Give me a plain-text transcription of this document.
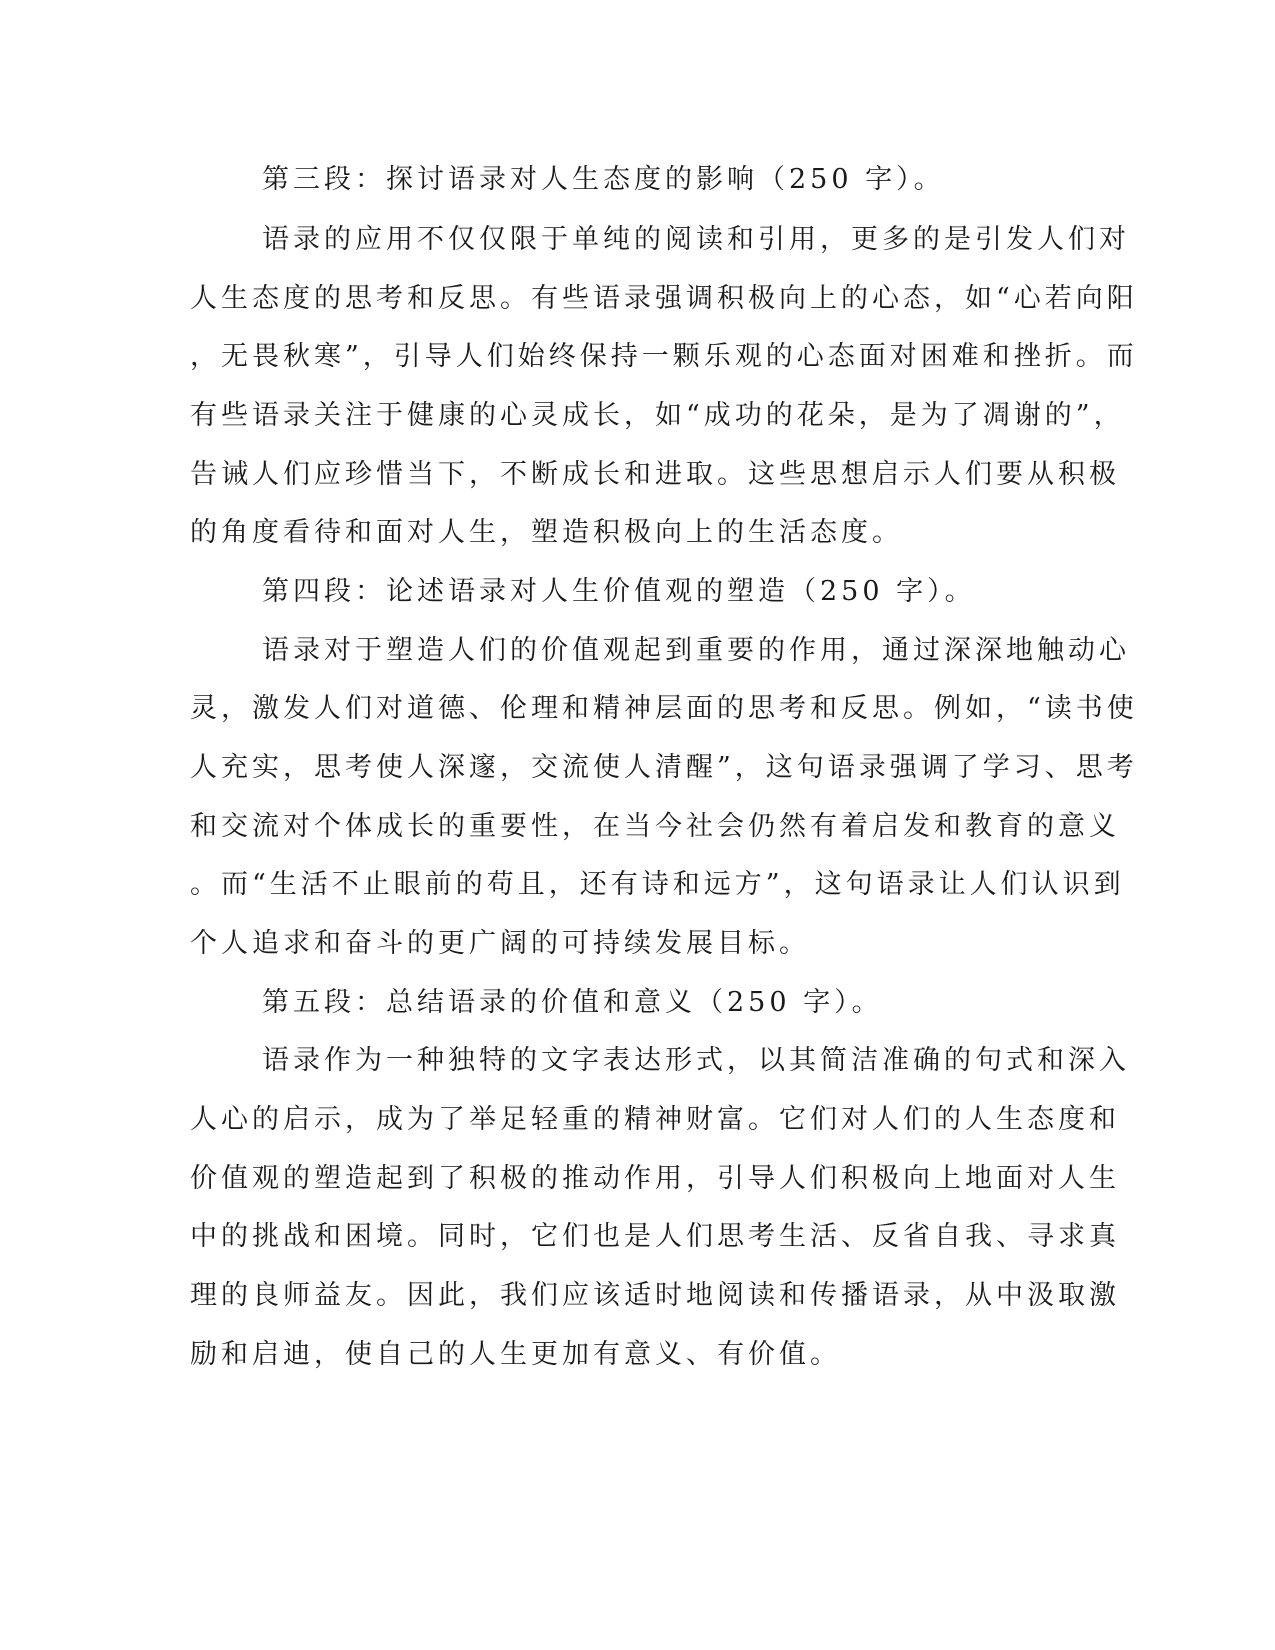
第三段：探讨语录对人生态度的影响（250 字）。
语录的应用不仅仅限于单纯的阅读和引用，更多的是引发人们对
人生态度的思考和反思。有些语录强调积极向上的心态，如“心若向阳
，无畏秋寒”，引导人们始终保持一颗乐观的心态面对困难和挫折。而
有些语录关注于健康的心灵成长，如“成功的花朵，是为了凋谢的”，
告诫人们应珍惜当下，不断成长和进取。这些思想启示人们要从积极
的角度看待和面对人生，塑造积极向上的生活态度。
第四段：论述语录对人生价值观的塑造（250 字）。
语录对于塑造人们的价值观起到重要的作用，通过深深地触动心
灵，激发人们对道德、伦理和精神层面的思考和反思。例如，“读书使
人充实，思考使人深邃，交流使人清醒”，这句语录强调了学习、思考
和交流对个体成长的重要性，在当今社会仍然有着启发和教育的意义
。而“生活不止眼前的苟且，还有诗和远方”，这句语录让人们认识到
个人追求和奋斗的更广阔的可持续发展目标。
第五段：总结语录的价值和意义（250 字）。
语录作为一种独特的文字表达形式，以其简洁准确的句式和深入
人心的启示，成为了举足轻重的精神财富。它们对人们的人生态度和
价值观的塑造起到了积极的推动作用，引导人们积极向上地面对人生
中的挑战和困境。同时，它们也是人们思考生活、反省自我、寻求真
理的良师益友。因此，我们应该适时地阅读和传播语录，从中汲取激
励和启迪，使自己的人生更加有意义、有价值。
